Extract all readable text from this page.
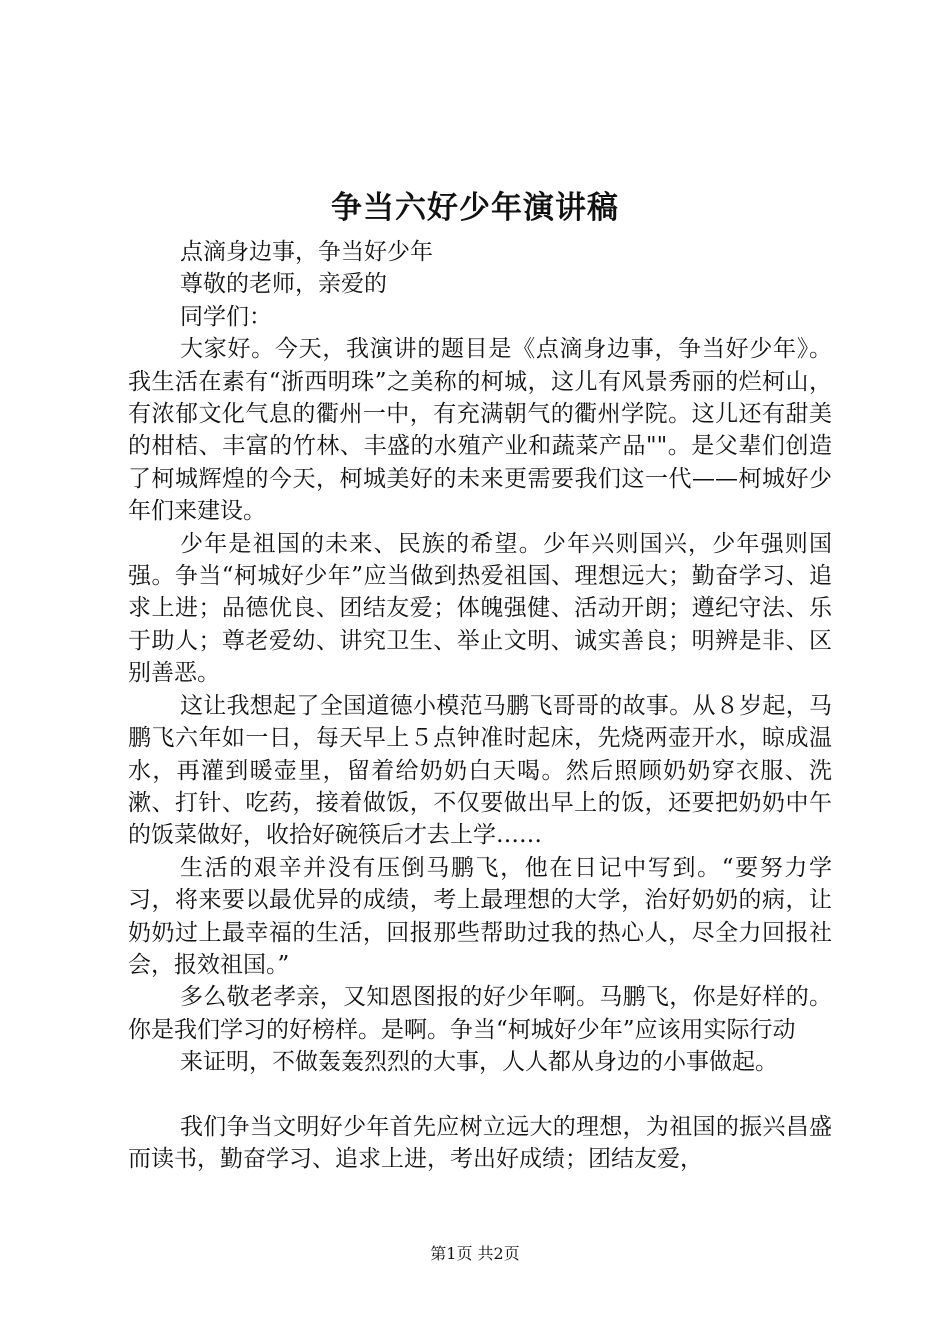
争当六好少年演讲稿

点滴身边事，争当好少年

尊敬的老师，亲爱的

同学们：

大家好。今天，我演讲的题目是《点滴身边事，争当好少年》。我生活在素有“浙西明珠”之美称的柯城，这儿有风景秀丽的烂柯山，有浓郁文化气息的衢州一中，有充满朝气的衢州学院。这儿还有甜美的柑桔、丰富的竹林、丰盛的水殖产业和蔬菜产品""。是父辈们创造了柯城辉煌的今天，柯城美好的未来更需要我们这一代——柯城好少年们来建设。

少年是祖国的未来、民族的希望。少年兴则国兴，少年强则国强。争当“柯城好少年”应当做到热爱祖国、理想远大；勤奋学习、追求上进；品德优良、团结友爱；体魄强健、活动开朗；遵纪守法、乐于助人；尊老爱幼、讲究卫生、举止文明、诚实善良；明辨是非、区别善恶。

这让我想起了全国道德小模范马鹏飞哥哥的故事。从８岁起，马鹏飞六年如一日，每天早上５点钟准时起床，先烧两壶开水，晾成温水，再灌到暖壶里，留着给奶奶白天喝。然后照顾奶奶穿衣服、洗漱、打针、吃药，接着做饭，不仅要做出早上的饭，还要把奶奶中午的饭菜做好，收拾好碗筷后才去上学……

生活的艰辛并没有压倒马鹏飞，他在日记中写到。“要努力学习，将来要以最优异的成绩，考上最理想的大学，治好奶奶的病，让奶奶过上最幸福的生活，回报那些帮助过我的热心人，尽全力回报社会，报效祖国。”

多么敬老孝亲，又知恩图报的好少年啊。马鹏飞，你是好样的。你是我们学习的好榜样。是啊。争当“柯城好少年”应该用实际行动

来证明，不做轰轰烈烈的大事，人人都从身边的小事做起。

我们争当文明好少年首先应树立远大的理想，为祖国的振兴昌盛而读书，勤奋学习、追求上进，考出好成绩；团结友爱，

第1页 共2页
